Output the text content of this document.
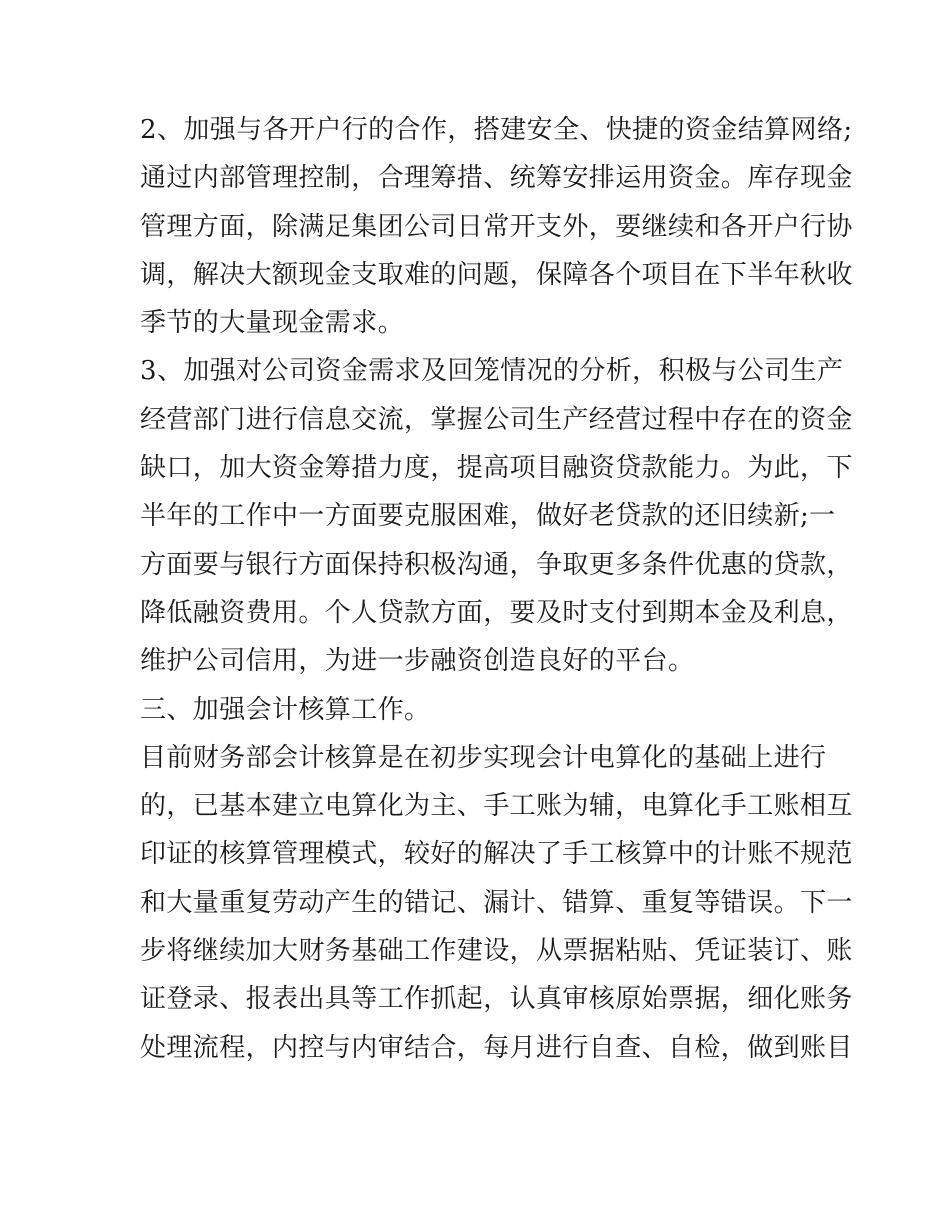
2、加强与各开户行的合作，搭建安全、快捷的资金结算网络;
通过内部管理控制，合理筹措、统筹安排运用资金。库存现金
管理方面，除满足集团公司日常开支外，要继续和各开户行协
调，解决大额现金支取难的问题，保障各个项目在下半年秋收
季节的大量现金需求。
3、加强对公司资金需求及回笼情况的分析，积极与公司生产
经营部门进行信息交流，掌握公司生产经营过程中存在的资金
缺口，加大资金筹措力度，提高项目融资贷款能力。为此，下
半年的工作中一方面要克服困难，做好老贷款的还旧续新;一
方面要与银行方面保持积极沟通，争取更多条件优惠的贷款，
降低融资费用。个人贷款方面，要及时支付到期本金及利息，
维护公司信用，为进一步融资创造良好的平台。
三、加强会计核算工作。
目前财务部会计核算是在初步实现会计电算化的基础上进行
的，已基本建立电算化为主、手工账为辅，电算化手工账相互
印证的核算管理模式，较好的解决了手工核算中的计账不规范
和大量重复劳动产生的错记、漏计、错算、重复等错误。下一
步将继续加大财务基础工作建设，从票据粘贴、凭证装订、账
证登录、报表出具等工作抓起，认真审核原始票据，细化账务
处理流程，内控与内审结合，每月进行自查、自检，做到账目
